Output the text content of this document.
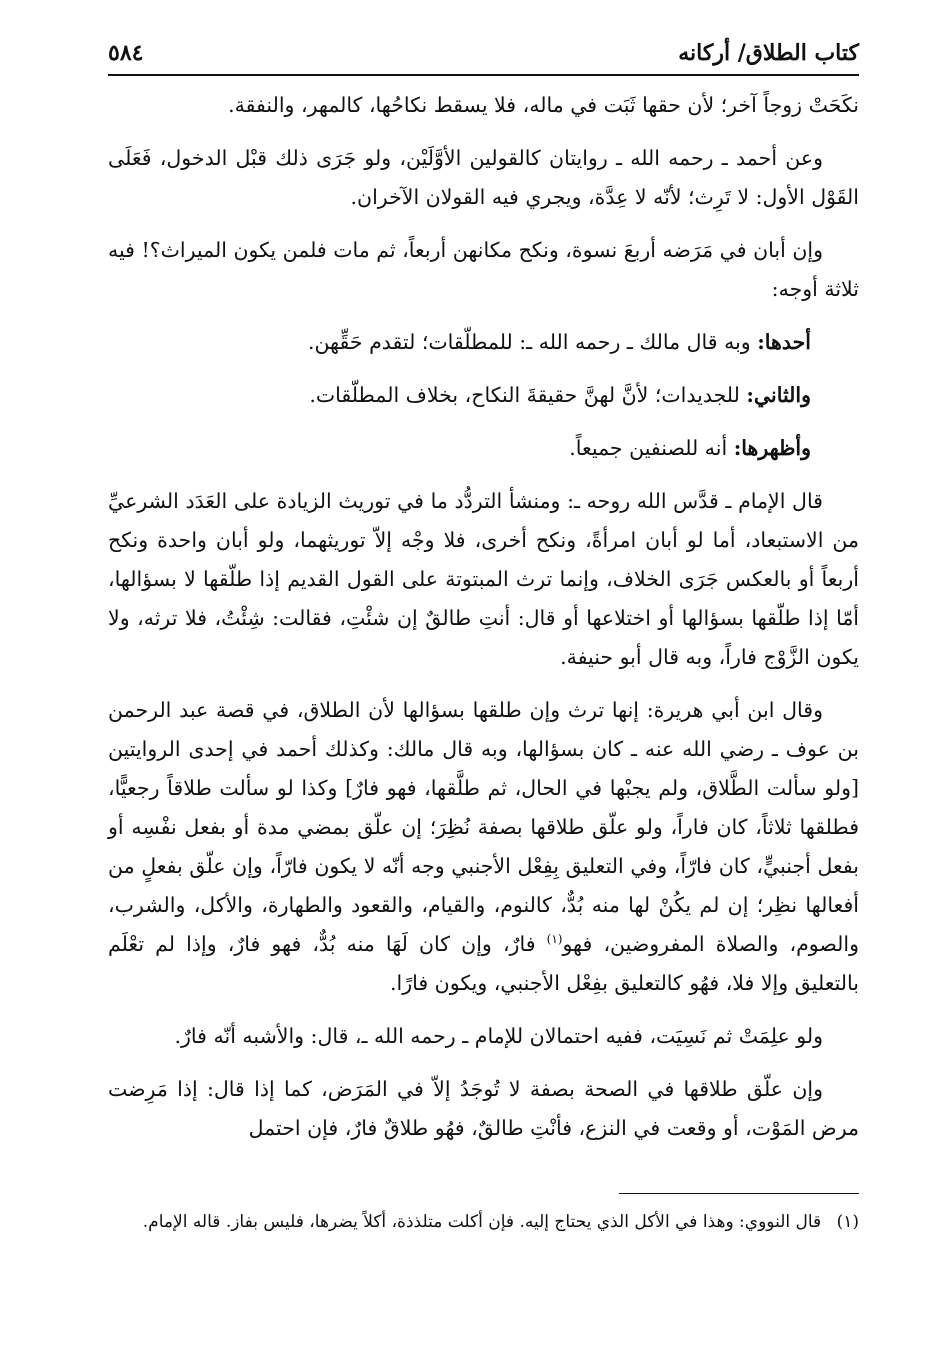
كتاب الطلاق/ أركانه
٥٨٤

نكَحَتْ زوجاً آخر؛ لأن حقها ثَبَت في ماله، فلا يسقط نكاحُها، كالمهر، والنفقة.

وعن أحمد ـ رحمه الله ـ روايتان كالقولين الأوَّلَيْن، ولو جَرَى ذلك قبْل الدخول، فَعَلَى القَوْل الأول: لا تَرِث؛ لأنّه لا عِدَّة، ويجري فيه القولان الآخران.

وإن أبان في مَرَضه أربعَ نسوة، ونكح مكانهن أربعاً، ثم مات فلمن يكون الميراث؟! فيه ثلاثة أوجه:

أحدها: وبه قال مالك ـ رحمه الله ـ: للمطلّقات؛ لتقدم حَقِّهن.

والثاني: للجديدات؛ لأنَّ لهنَّ حقيقةَ النكاح، بخلاف المطلّقات.

وأظهرها: أنه للصنفين جميعاً.

قال الإمام ـ قدَّس الله روحه ـ: ومنشأ التردُّد ما في توريث الزيادة على العَدَد الشرعيِّ من الاستبعاد، أما لو أبان امرأةً، ونكح أخرى، فلا وجْه إلاّ توريثهما، ولو أبان واحدة ونكح أربعاً أو بالعكس جَرَى الخلاف، وإنما ترث المبتوتة على القول القديم إذا طلّقها لا بسؤالها، أمّا إذا طلّقها بسؤالها أو اختلاعها أو قال: أنتِ طالقٌ إن شئْتِ، فقالت: شِئْتُ، فلا ترثه، ولا يكون الزَّوْج فاراً، وبه قال أبو حنيفة.

وقال ابن أبي هريرة: إنها ترث وإن طلقها بسؤالها لأن الطلاق، في قصة عبد الرحمن بن عوف ـ رضي الله عنه ـ كان بسؤالها، وبه قال مالك: وكذلك أحمد في إحدى الروايتين [ولو سألت الطَّلاق، ولم يجبْها في الحال، ثم طلَّقها، فهو فارٌ] وكذا لو سألت طلاقاً رجعيًّا، فطلقها ثلاثاً، كان فاراً، ولو علّق طلاقها بصفة نُظِرَ؛ إن علّق بمضي مدة أو بفعل نفْسِه أو بفعل أجنبيٍّ، كان فارّاً، وفي التعليق بِفِعْل الأجنبي وجه أنّه لا يكون فارّاً، وإن علّق بفعلٍ من أفعالها نظِر؛ إن لم يكُنْ لها منه بُدٌّ، كالنوم، والقيام، والقعود والطهارة، والأكل، والشرب، والصوم، والصلاة المفروضين، فهو$^{(١)}$ فارٌ، وإن كان لَهَا منه بُدٌّ، فهو فارٌ، وإذا لم تعْلَم بالتعليق وإلا فلا، فهُو كالتعليق بفِعْل الأجنبي، ويكون فارًا.

ولو علِمَتْ ثم نَسِيَت، ففيه احتمالان للإمام ـ رحمه الله ـ، قال: والأشبه أنّه فارٌ.

وإن علّق طلاقها في الصحة بصفة لا تُوجَدُ إلاّ في المَرَض، كما إذا قال: إذا مَرِضت مرض المَوْت، أو وقعت في النزع، فأنْتِ طالقٌ، فهُو طلاقٌ فارٌ، فإن احتمل

(١) قال النووي: وهذا في الأكل الذي يحتاج إليه. فإن أكلت متلذذة، أكلاً يضرها، فليس بفاز. قاله الإمام.
